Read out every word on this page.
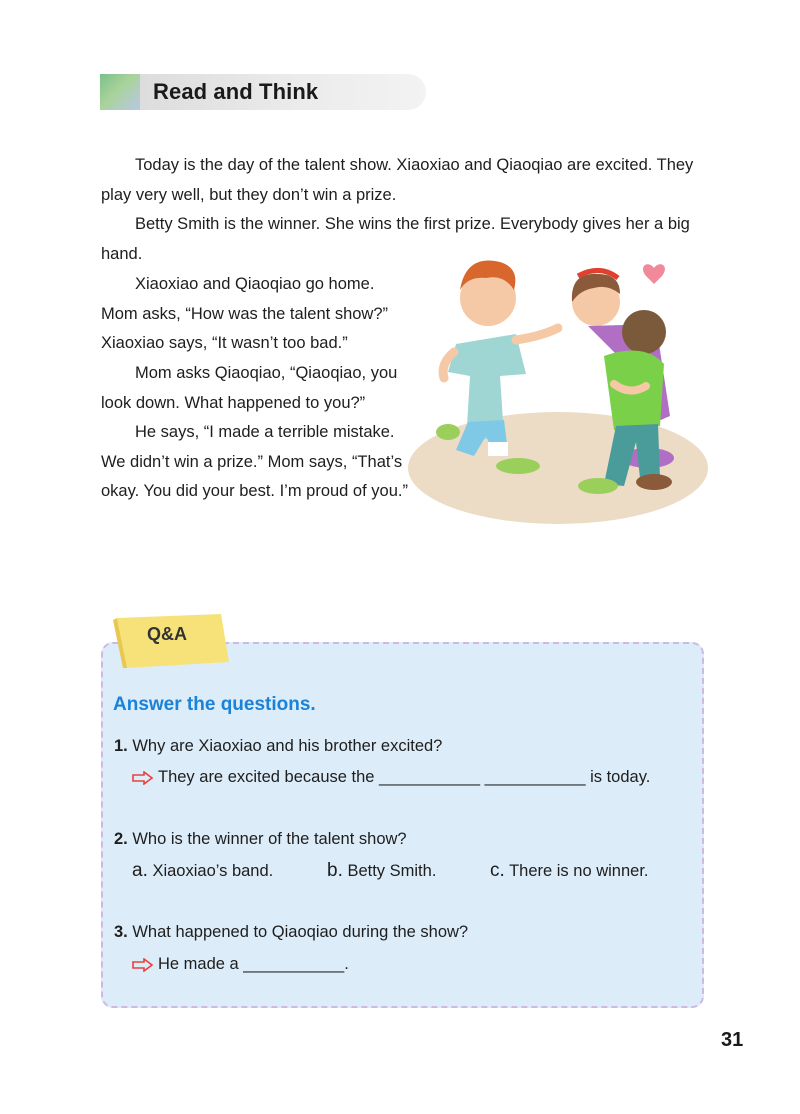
Read and Think

Today is the day of the talent show. Xiaoxiao and Qiaoqiao are excited. They play very well, but they don’t win a prize.

Betty Smith is the winner. She wins the first prize. Everybody gives her a big hand.

Xiaoxiao and Qiaoqiao go home. Mom asks, “How was the talent show?” Xiaoxiao says, “It wasn’t too bad.”

Mom asks Qiaoqiao, “Qiaoqiao, you look down. What happened to you?”

He says, “I made a terrible mistake. We didn’t win a prize.” Mom says, “That’s okay. You did your best. I’m proud of you.”

Q&A
Answer the questions.
1. Why are Xiaoxiao and his brother excited?
They are excited because the ___________ ___________ is today.
2. Who is the winner of the talent show?
a. Xiaoxiao’s band.	b. Betty Smith.	c. There is no winner.
3. What happened to Qiaoqiao during the show?
He made a ___________.
31
